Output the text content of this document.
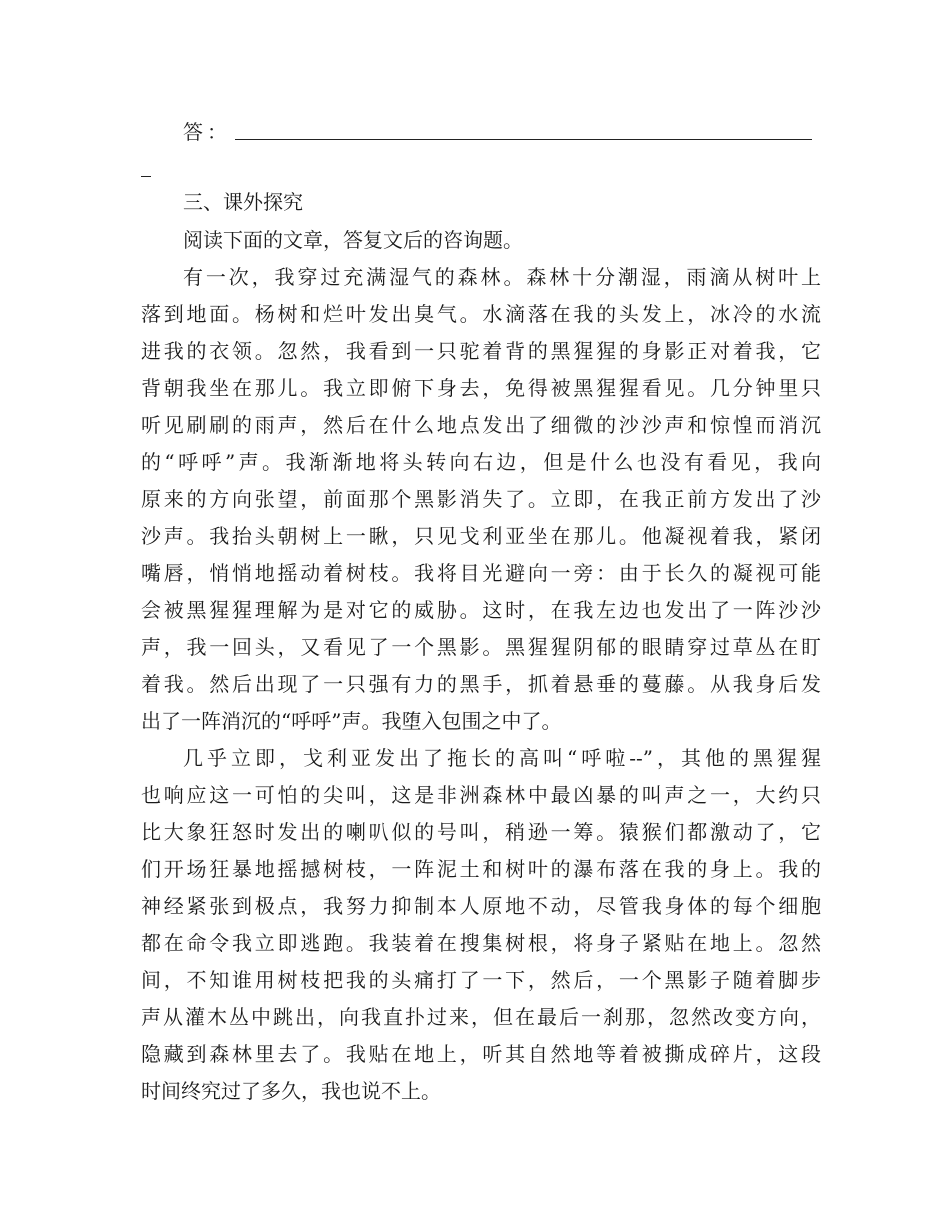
答：
三、课外探究
阅读下面的文章，答复文后的咨询题。
有一次，我穿过充满湿气的森林。森林十分潮湿，雨滴从树叶上
落到地面。杨树和烂叶发出臭气。水滴落在我的头发上，冰冷的水流
进我的衣领。忽然，我看到一只驼着背的黑猩猩的身影正对着我，它
背朝我坐在那儿。我立即俯下身去，免得被黑猩猩看见。几分钟里只
听见刷刷的雨声，然后在什么地点发出了细微的沙沙声和惊惶而消沉
的“呼呼”声。我渐渐地将头转向右边，但是什么也没有看见，我向
原来的方向张望，前面那个黑影消失了。立即，在我正前方发出了沙
沙声。我抬头朝树上一瞅，只见戈利亚坐在那儿。他凝视着我，紧闭
嘴唇，悄悄地摇动着树枝。我将目光避向一旁：由于长久的凝视可能
会被黑猩猩理解为是对它的威胁。这时，在我左边也发出了一阵沙沙
声，我一回头，又看见了一个黑影。黑猩猩阴郁的眼睛穿过草丛在盯
着我。然后出现了一只强有力的黑手，抓着悬垂的蔓藤。从我身后发
出了一阵消沉的“呼呼”声。我堕入包围之中了。
几乎立即，戈利亚发出了拖长的高叫“呼啦--”，其他的黑猩猩
也响应这一可怕的尖叫，这是非洲森林中最凶暴的叫声之一，大约只
比大象狂怒时发出的喇叭似的号叫，稍逊一筹。猿猴们都激动了，它
们开场狂暴地摇撼树枝，一阵泥土和树叶的瀑布落在我的身上。我的
神经紧张到极点，我努力抑制本人原地不动，尽管我身体的每个细胞
都在命令我立即逃跑。我装着在搜集树根，将身子紧贴在地上。忽然
间，不知谁用树枝把我的头痛打了一下，然后，一个黑影子随着脚步
声从灌木丛中跳出，向我直扑过来，但在最后一刹那，忽然改变方向，
隐藏到森林里去了。我贴在地上，听其自然地等着被撕成碎片，这段
时间终究过了多久，我也说不上。
